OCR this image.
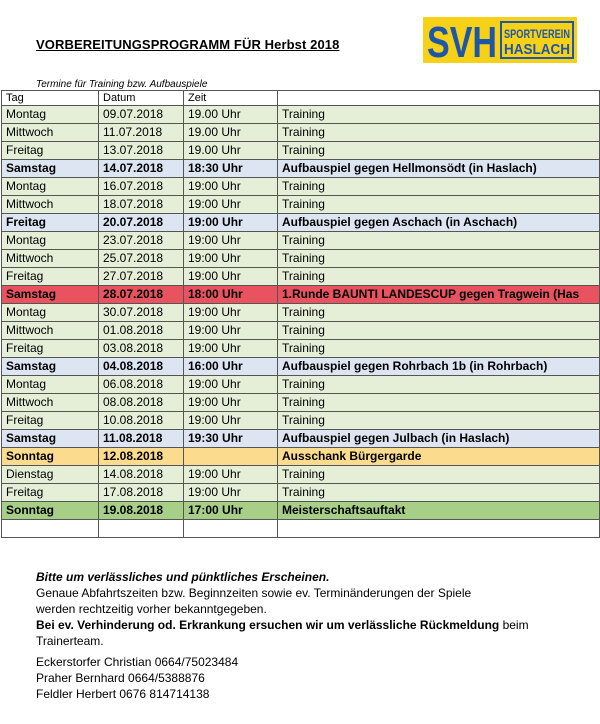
VORBEREITUNGSPROGRAMM FÜR Herbst 2018 SVH SPORTVEREIN
HASLACH
Termine für Training bzw. Aufbauspiele
Tag	Datum	Zeit	
Montag	09.07.2018	19.00 Uhr	Training
Mittwoch	11.07.2018	19.00 Uhr	Training
Freitag	13.07.2018	19.00 Uhr	Training
Samstag	14.07.2018	18:30 Uhr	Aufbauspiel gegen Hellmonsödt (in Haslach)
Montag	16.07.2018	19:00 Uhr	Training
Mittwoch	18.07.2018	19:00 Uhr	Training
Freitag	20.07.2018	19:00 Uhr	Aufbauspiel gegen Aschach (in Aschach)
Montag	23.07.2018	19:00 Uhr	Training
Mittwoch	25.07.2018	19:00 Uhr	Training
Freitag	27.07.2018	19:00 Uhr	Training
Samstag	28.07.2018	18:00 Uhr	1.Runde BAUNTI LANDESCUP gegen Tragwein (Has
Montag	30.07.2018	19:00 Uhr	Training
Mittwoch	01.08.2018	19:00 Uhr	Training
Freitag	03.08.2018	19:00 Uhr	Training
Samstag	04.08.2018	16:00 Uhr	Aufbauspiel gegen Rohrbach 1b (in Rohrbach)
Montag	06.08.2018	19:00 Uhr	Training
Mittwoch	08.08.2018	19:00 Uhr	Training
Freitag	10.08.2018	19:00 Uhr	Training
Samstag	11.08.2018	19:30 Uhr	Aufbauspiel gegen Julbach (in Haslach)
Sonntag	12.08.2018		Ausschank Bürgergarde
Dienstag	14.08.2018	19:00 Uhr	Training
Freitag	17.08.2018	19:00 Uhr	Training
Sonntag	19.08.2018	17:00 Uhr	Meisterschaftsauftakt

Bitte um verlässliches und pünktliches Erscheinen.
Genaue Abfahrtszeiten bzw. Beginnzeiten sowie ev. Terminänderungen der Spiele
werden rechtzeitig vorher bekanntgegeben.
Bei ev. Verhinderung od. Erkrankung ersuchen wir um verlässliche Rückmeldung beim
Trainerteam.
Eckerstorfer Christian 0664/75023484
Praher Bernhard 0664/5388876
Feldler Herbert 0676 814714138
